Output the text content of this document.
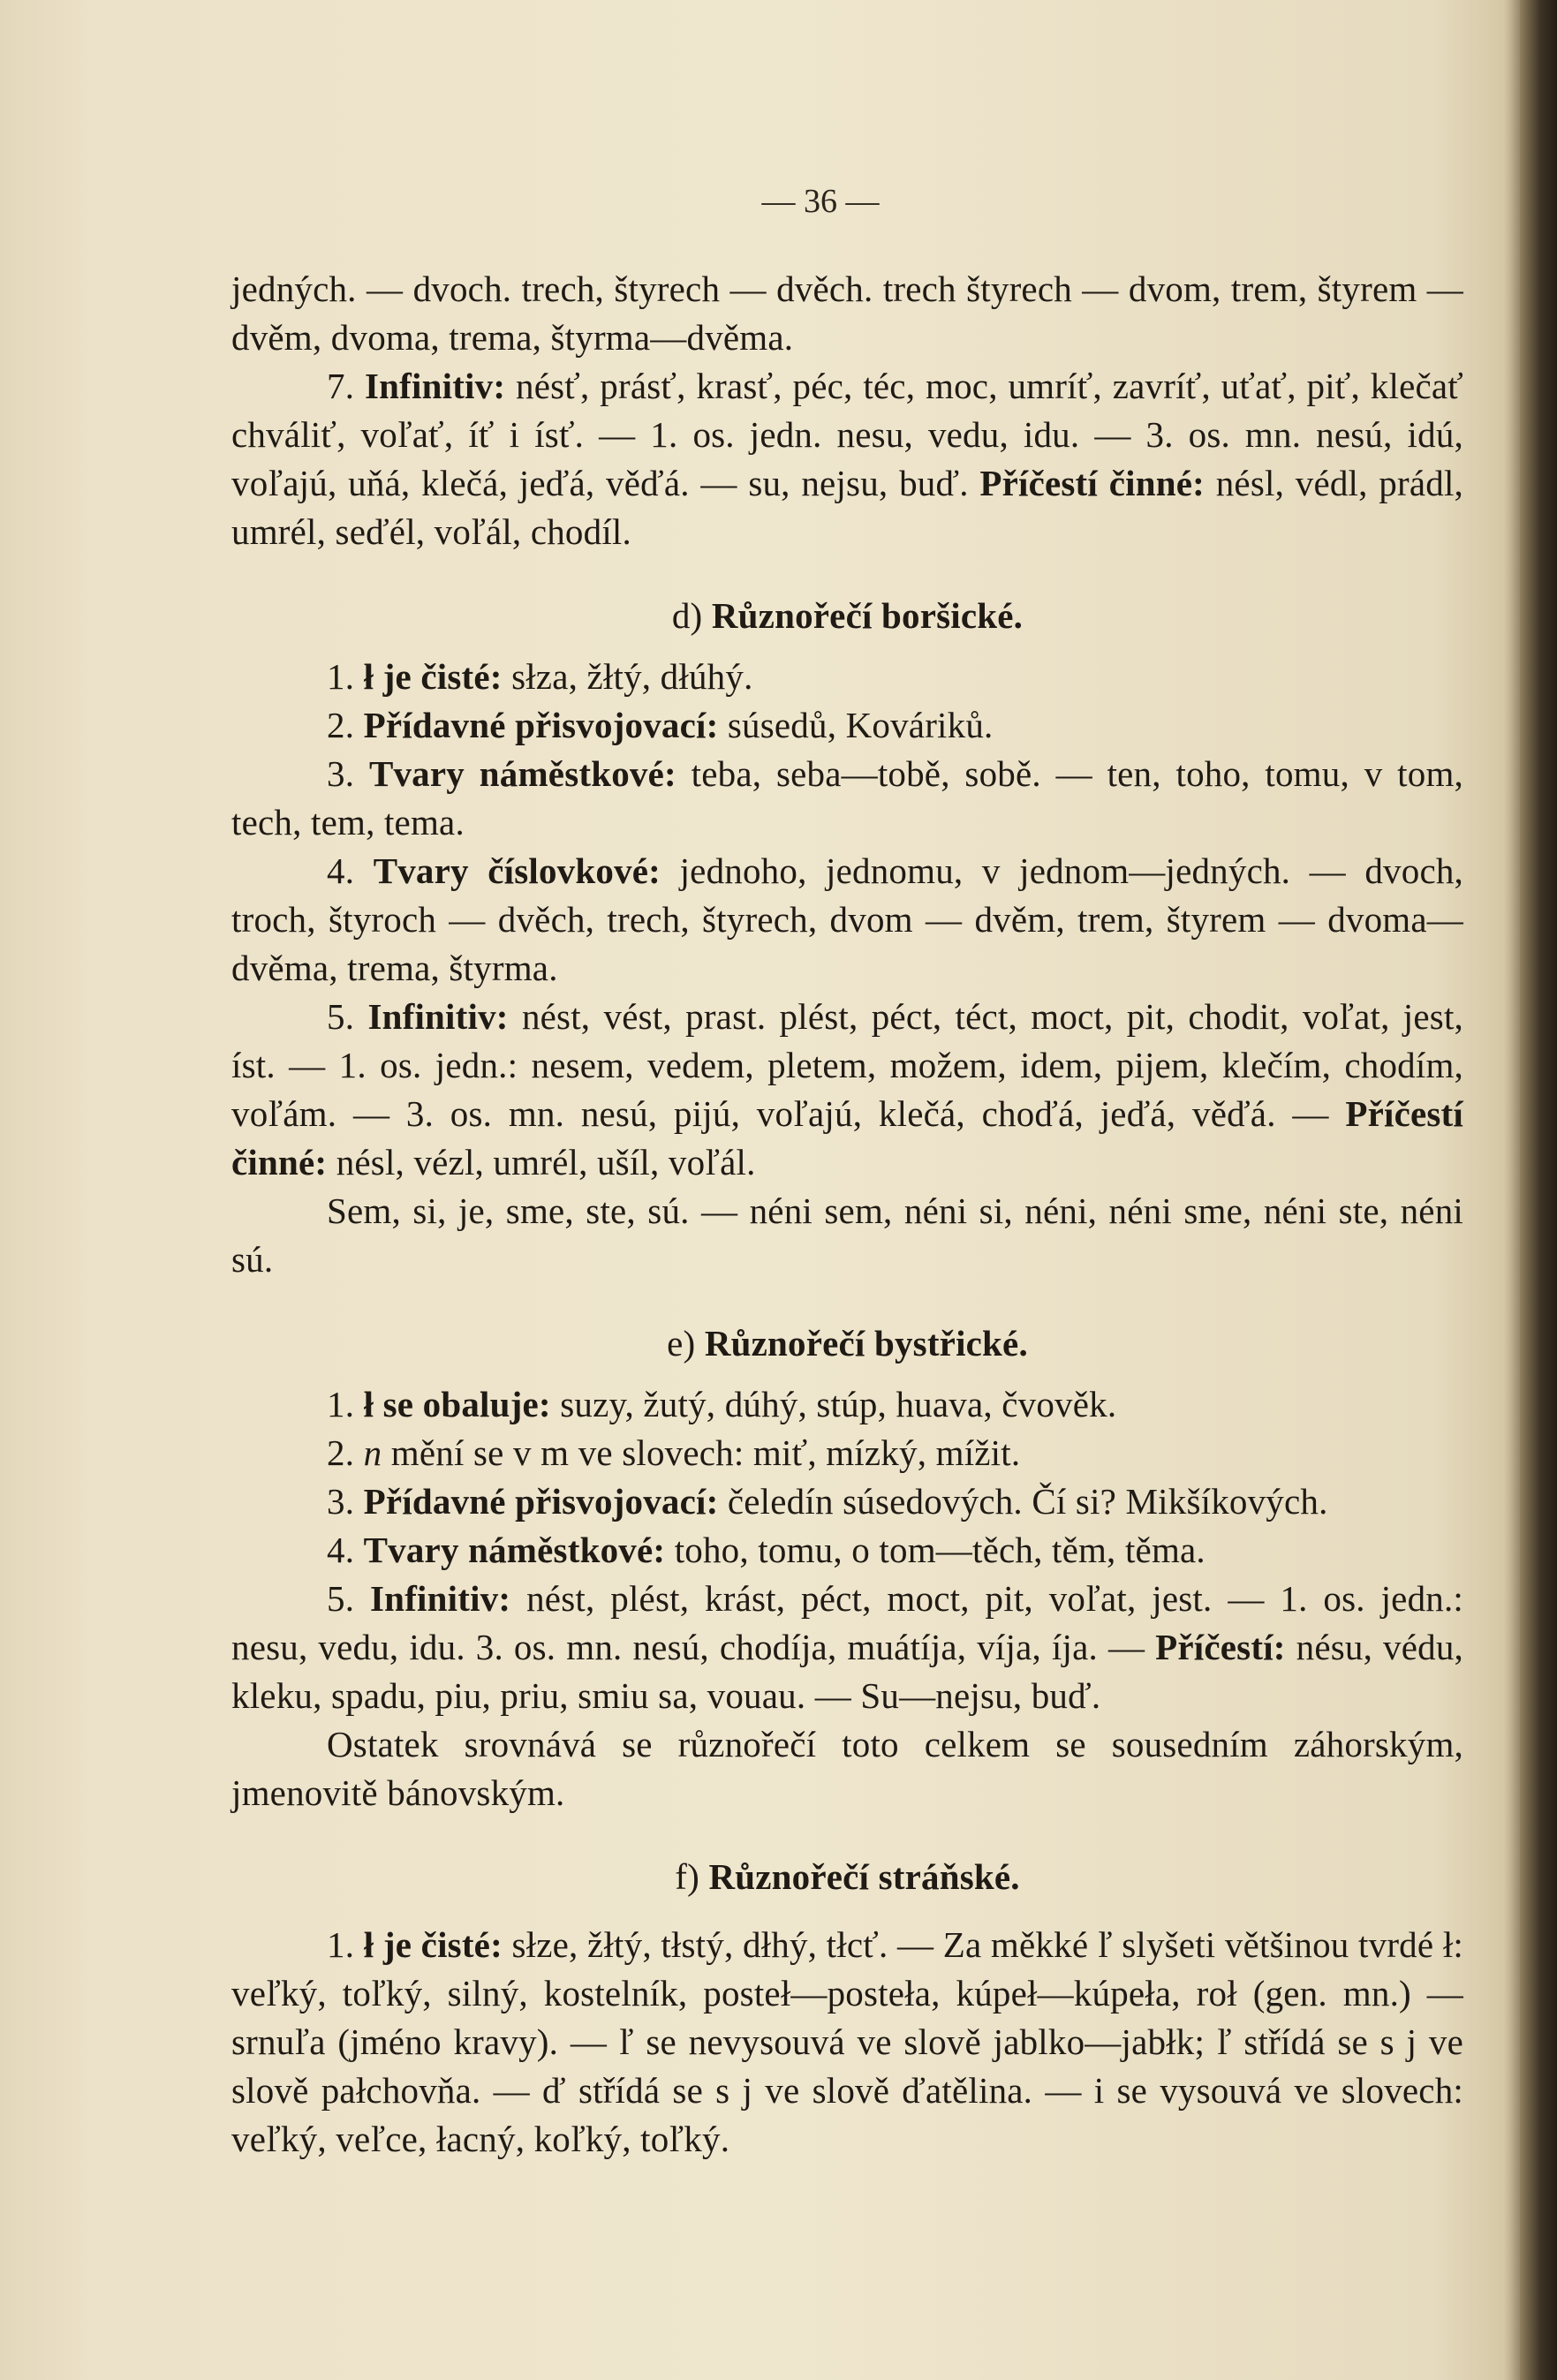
— 36 —

jedných. — dvoch. trech, štyrech — dvěch. trech štyrech — dvom, trem, štyrem — dvěm, dvoma, trema, štyrma—dvěma.

7. Infinitiv: nésť, prásť, krasť, péc, téc, moc, umríť, zavríť, uťať, piť, klečať chváliť, voľať, íť i ísť. — 1. os. jedn. nesu, vedu, idu. — 3. os. mn. nesú, idú, voľajú, uňá, klečá, jeďá, věďá. — su, nejsu, buď. Příčestí činné: nésl, védl, prádl, umrél, seďél, voľál, chodíl.

d) Různořečí boršické.

1. ł je čisté: słza, žłtý, dłúhý.

2. Přídavné přisvojovací: súsedů, Kováriků.

3. Tvary náměstkové: teba, seba—tobě, sobě. — ten, toho, tomu, v tom, tech, tem, tema.

4. Tvary číslovkové: jednoho, jednomu, v jednom—jedných. — dvoch, troch, štyroch — dvěch, trech, štyrech, dvom — dvěm, trem, štyrem — dvoma—dvěma, trema, štyrma.

5. Infinitiv: nést, vést, prast. plést, péct, téct, moct, pit, chodit, voľat, jest, íst. — 1. os. jedn.: nesem, vedem, pletem, možem, idem, pijem, klečím, chodím, voľám. — 3. os. mn. nesú, pijú, voľajú, klečá, choďá, jeďá, věďá. — Příčestí činné: nésl, vézl, umrél, ušíl, voľál.

Sem, si, je, sme, ste, sú. — néni sem, néni si, néni, néni sme, néni ste, néni sú.

e) Různořečí bystřické.

1. ł se obaluje: suzy, žutý, dúhý, stúp, huava, čvověk.

2. n mění se v m ve slovech: miť, mízký, mížit.

3. Přídavné přisvojovací: čeledín súsedových. Čí si? Mikšíkových.

4. Tvary náměstkové: toho, tomu, o tom—těch, těm, těma.

5. Infinitiv: nést, plést, krást, péct, moct, pit, voľat, jest. — 1. os. jedn.: nesu, vedu, idu. 3. os. mn. nesú, chodíja, muátíja, víja, íja. — Příčestí: nésu, védu, kleku, spadu, piu, priu, smiu sa, vouau. — Su—nejsu, buď.

Ostatek srovnává se různořečí toto celkem se sousedním záhorským, jmenovitě bánovským.

f) Různořečí stráňské.

1. ł je čisté: słze, žłtý, tłstý, dłhý, tłcť. — Za měkké ľ slyšeti většinou tvrdé ł: veľký, toľký, silný, kostelník, posteł—posteła, kúpeł—kúpeła, roł (gen. mn.) — srnuľa (jméno kravy). — ľ se nevysouvá ve slově jablko—jabłk; ľ střídá se s j ve slově pałchovňa. — ď střídá se s j ve slově ďatělina. — i se vysouvá ve slovech: veľký, veľce, łacný, koľký, toľký.
